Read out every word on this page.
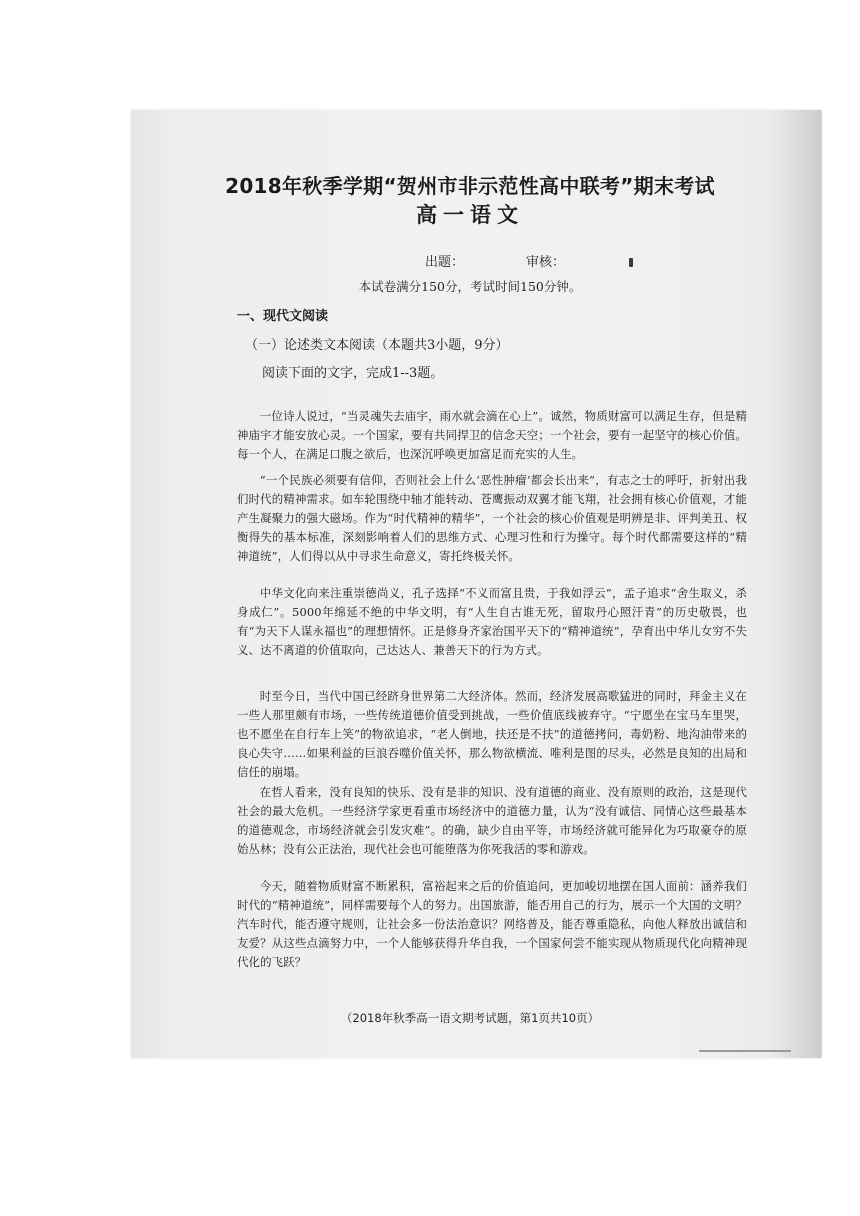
2018年秋季学期“贺州市非示范性高中联考”期末考试
高一语文
出题：	审核：
本试卷满分150分，考试时间150分钟。
一、现代文阅读
（一）论述类文本阅读（本题共3小题，9分）
阅读下面的文字，完成1--3题。

一位诗人说过，“当灵魂失去庙宇，雨水就会滴在心上”。诚然，物质财富可以满足生存，但是精神庙宇才能安放心灵。一个国家，要有共同捍卫的信念天空；一个社会，要有一起坚守的核心价值。每一个人，在满足口腹之欲后，也深沉呼唤更加富足而充实的人生。

“一个民族必须要有信仰，否则社会上什么‘恶性肿瘤’都会长出来”，有志之士的呼吁，折射出我们时代的精神需求。如车轮围绕中轴才能转动、苍鹰振动双翼才能飞翔，社会拥有核心价值观，才能产生凝聚力的强大磁场。作为“时代精神的精华”，一个社会的核心价值观是明辨是非、评判美丑、权衡得失的基本标准，深刻影响着人们的思维方式、心理习性和行为操守。每个时代都需要这样的“精神道统”，人们得以从中寻求生命意义，寄托终极关怀。

中华文化向来注重崇德尚义，孔子选择“不义而富且贵，于我如浮云”，孟子追求“舍生取义，杀身成仁”。5000年绵延不绝的中华文明，有“人生自古谁无死，留取丹心照汗青”的历史敬畏，也有“为天下人谋永福也”的理想情怀。正是修身齐家治国平天下的“精神道统”，孕育出中华儿女穷不失义、达不离道的价值取向，己达达人、兼善天下的行为方式。

时至今日，当代中国已经跻身世界第二大经济体。然而，经济发展高歌猛进的同时，拜金主义在一些人那里颇有市场，一些传统道德价值受到挑战，一些价值底线被弃守。“宁愿坐在宝马车里哭，也不愿坐在自行车上笑”的物欲追求，“老人倒地，扶还是不扶”的道德拷问，毒奶粉、地沟油带来的良心失守……如果利益的巨浪吞噬价值关怀，那么物欲横流、唯利是图的尽头，必然是良知的出局和信任的崩塌。

在哲人看来，没有良知的快乐、没有是非的知识、没有道德的商业、没有原则的政治，这是现代社会的最大危机。一些经济学家更看重市场经济中的道德力量，认为“没有诚信、同情心这些最基本的道德观念，市场经济就会引发灾难”。的确，缺少自由平等，市场经济就可能异化为巧取豪夺的原始丛林；没有公正法治，现代社会也可能堕落为你死我活的零和游戏。

今天，随着物质财富不断累积，富裕起来之后的价值追问，更加峻切地摆在国人面前：涵养我们时代的“精神道统”，同样需要每个人的努力。出国旅游，能否用自己的行为，展示一个大国的文明？汽车时代，能否遵守规则，让社会多一份法治意识？网络普及，能否尊重隐私，向他人释放出诚信和友爱？从这些点滴努力中，一个人能够获得升华自我，一个国家何尝不能实现从物质现代化向精神现代化的飞跃？

（2018年秋季高一语文期考试题，第1页共10页）
